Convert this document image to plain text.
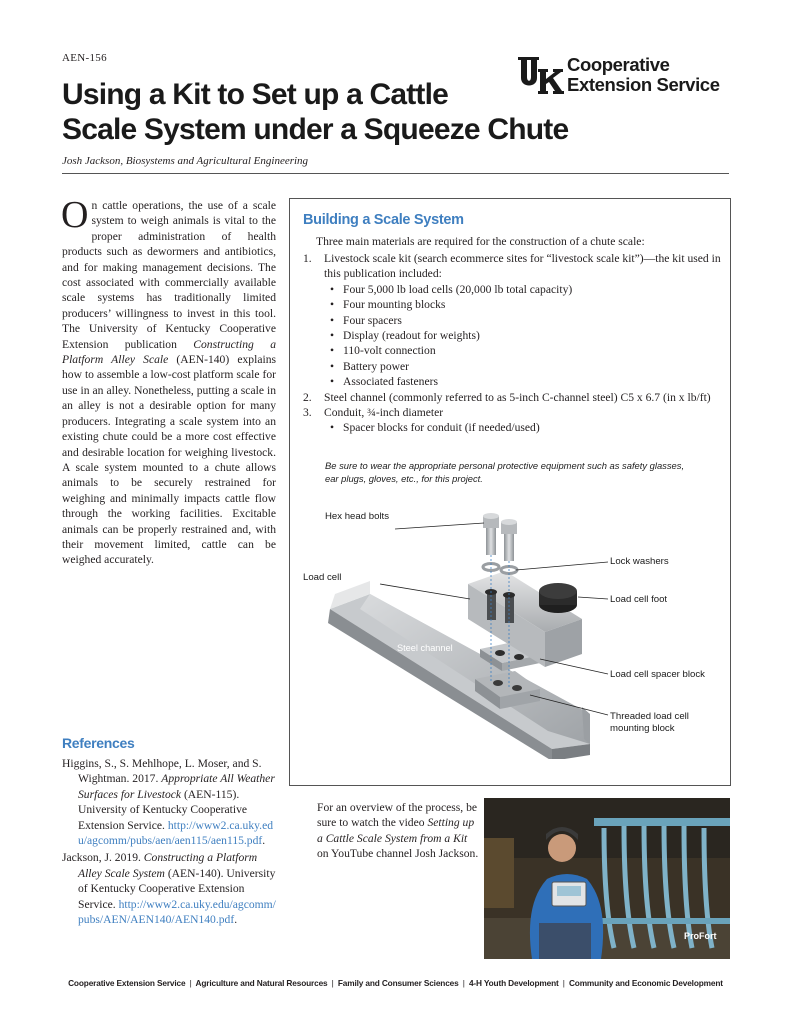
AEN-156
Using a Kit to Set up a Cattle
Scale System under a Squeeze Chute
Josh Jackson, Biosystems and Agricultural Engineering
Cooperative
Extension Service
On cattle operations, the use of a scale system to weigh animals is vital to the proper administration of health products such as dewormers and antibiotics, and for making management decisions. The cost associated with commercially available scale systems has traditionally limited producers’ willingness to invest in this tool. The University of Kentucky Cooperative Extension publication Constructing a Platform Alley Scale (AEN-140) explains how to assemble a low-cost platform scale for use in an alley. Nonetheless, putting a scale in an alley is not a desirable option for many producers. Integrating a scale system into an existing chute could be a more cost effective and desirable location for weighing livestock. A scale system mounted to a chute allows animals to be securely restrained for weighing and minimally impacts cattle flow through the working facilities. Excitable animals can be properly restrained and, with their movement limited, cattle can be weighed accurately.
References

Higgins, S., S. Mehlhope, L. Moser, and S. Wightman. 2017. Appropriate All Weather Surfaces for Livestock (AEN-115). University of Kentucky Cooperative Extension Service. http://www2.ca.uky.edu/agcomm/pubs/aen/aen115/aen115.pdf.

Jackson, J. 2019. Constructing a Platform Alley Scale System (AEN-140). University of Kentucky Cooperative Extension Service. http://www2.ca.uky.edu/agcomm/pubs/AEN/AEN140/AEN140.pdf.

Building a Scale System

Three main materials are required for the construction of a chute scale:

1. Livestock scale kit (search ecommerce sites for “livestock scale kit”)—the kit used in this publication included:
• Four 5,000 lb load cells (20,000 lb total capacity)
• Four mounting blocks
• Four spacers
• Display (readout for weights)
• 110-volt connection
• Battery power
• Associated fasteners
2. Steel channel (commonly referred to as 5-inch C-channel steel) C5 x 6.7 (in x lb/ft)
3. Conduit, ¾-inch diameter
• Spacer blocks for conduit (if needed/used)

Be sure to wear the appropriate personal protective equipment such as safety glasses, ear plugs, gloves, etc., for this project.

Hex head bolts
Load cell
Lock washers
Load cell foot
Steel channel
Load cell spacer block
Threaded load cell
mounting block
For an overview of the process, be sure to watch the video Setting up a Cattle Scale System from a Kit on YouTube channel Josh Jackson.
ProFort
Cooperative Extension Service | Agriculture and Natural Resources | Family and Consumer Sciences | 4-H Youth Development | Community and Economic Development
